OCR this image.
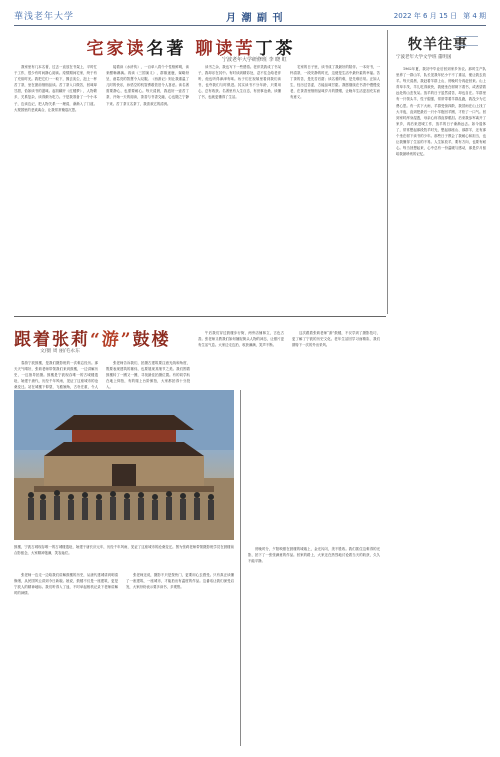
華浅老年大学	月 潮 副 刊	2022 年 6 月 15 日 第 4 期
宅家读名著 聊读苦丁茶
宁波老年大学研修班 李 晓 虹
我家里有几本名著，过去一直放在书架上，平时忙于工作，很少有时间静心阅读。疫情期间宅家，终于有了充裕时光。我把它们一一取下，拂去灰尘，泡上一杯苦丁茶，坐在窗前细细品读。苦丁茶入口微苦，回味却甘甜，恰如读书的滋味。起初翻开《红楼梦》，人物繁多，关系复杂，读得颇为吃力。于是我准备了一个小本子，边读边记，把人物关系一一理清，渐渐入了门道。大观园里的悲欢离合，让我常常掩卷沉思。
接着读《水浒传》，一百单八将个个性格鲜明，读来酣畅淋漓。再读《三国演义》，群雄逐鹿，谋略纷呈，诸葛亮的智慧令人叹服。《西游记》则让我重温了儿时的快乐，孙悟空的机智勇敢依旧令人喜爱。读名著需要静心，也需要耐心。每天清晨，我泡好一壶苦丁茶，开始一天的阅读，茶香与书香交融，心也随之宁静下来。苦丁茶又名茶丁，我喜欢它的清冽。
读书之余，我也写下一些感悟。老伴笑我成了书呆子，我却乐在其中。有时读到精彩处，忍不住念给老伴听，他也听得津津有味。孩子们在视频里看到我们读书，也夸我们与时俱进。其实读书不分年龄，只要用心，总有收获。名著里有人生百态，有世事沧桑，读懂了书，也就更懂得了生活。
宅家的日子里，读书成了我最好的陪伴。一本好书，一杯清茶，一段安静的时光，这便是生活中最朴素的幸福。苦丁茶的苦，是先苦后甜；读名著的难，是先难后易。正如人生，经历过苦涩，方能品味甘甜。我愿继续在书香中慢慢变老，在茶香里细细品味岁月的馈赠，让晚年生活更加充实而有意义。
牧羊往事
宁波老年大学文学班 董明国
1962年夏，我初中毕业后回到家乡务农。那时生产队里养了一群山羊，队长见我年纪小干不了重活，便让我去放羊。每天清晨，我赶着羊群上山，傍晚时分再赶回来。山上青草丰茂，羊儿吃得欢快，我便坐在树荫下看书，或者望着远处的山峦发呆。放羊的日子虽然清苦，却也自在。羊群里有一只领头羊，性子倔强，常常带着羊群乱跑，我没少为它费心思。有一次下大雨，羊群受惊四散，我冒雨在山上找了大半夜，直到把最后一只小羊抱回羊圈，才松了一口气。回到家时浑身湿透，母亲心疼得直掉眼泪。后来我参军离开了家乡，再后来进城工作，放羊的日子渐渐远去。如今退休了，常常想起那段牧羊时光，想起那座山、那群羊，还有那个坐在树下读书的少年。那些日子教会了我耐心和担当，也让我懂得了生活的不易。人生如放羊，要有方向，也要有耐心。每当回想起来，心中总有一份温暖与感动，那是岁月留给我最珍贵的记忆。
跟着张莉 “游” 鼓楼
文/摄 周 丽/毛永东
春游宁波鼓楼，是我们摄影班的一次难忘经历。那天天气晴好，张莉老师带领我们来到鼓楼，一边讲解历史，一边指导拍摄。鼓楼是宁波现存唯一的古城楼遗址，始建于唐代，历经千年风雨，见证了这座城市的沧桑变迁。站在城楼下仰望，飞檐翘角，古朴庄重，令人
张老师告诉我们，拍摄古建筑要注意光线和角度，既要表现建筑的雄伟，也要展现其细节之美。我们围着鼓楼转了一圈又一圈，寻找最佳拍摄位置。有的同学趴在地上仰拍，有的爬上台阶俯拍，大家都拍得十分投入。
午后我们穿过鼓楼步行街，两旁店铺林立，古色古香。张老师又教我们如何捕捉街头人物的神态，让照片更有生活气息。大家边走边拍，收获满满，笑声不断。
这次跟着张莉老师“游”鼓楼，不仅学到了摄影技巧，更了解了宁波的历史文化。老年生活因学习而精彩，我们期待下一次的外出采风。
鼓楼，宁波古城现存唯一的古城楼遗址，始建于唐长庆元年，历经千年风雨，见证了这座城市的沧桑变迁。图为张莉老师带领摄影班学员在鼓楼前合影留念，大家精神饱满，笑容灿烂。
张老师一边走一边给我们讲解鼓楼的历史，从唐代建城讲到明清修缮，从民国风云讲到今日新貌。她说，鼓楼不仅是一座建筑，更是宁波人的精神地标。我们听得入了迷，不时举起相机记录下老师讲解时的神情。
张老师还说，摄影不只是按快门，更要用心去感受。只有真正读懂了一座建筑、一座城市，才能拍出有温度的作品。这番话让我们深受启发，大家纷纷表示要多读书、多观察。
傍晚时分，夕阳映照在鼓楼的城墙上，金光闪闪，美不胜收。我们抓住这难得的光影，拍下了一张张满意的作品。回家的路上，大家还在热烈地讨论着当天的收获，久久不能平静。
